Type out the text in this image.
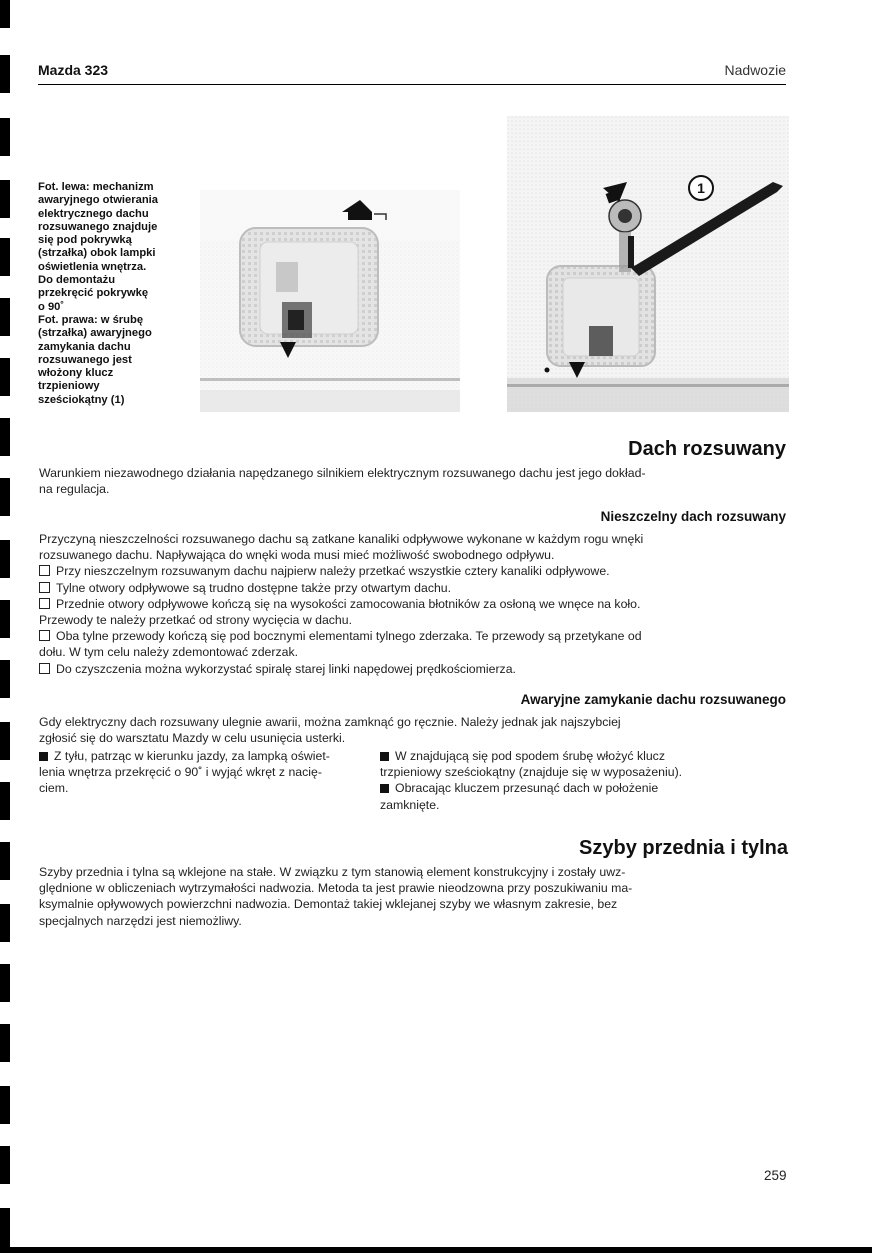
Mazda 323	Nadwozie

Fot. lewa: mechanizm

awaryjnego otwierania

elektrycznego dachu

rozsuwanego znajduje

się pod pokrywką

(strzałka) obok lampki

oświetlenia wnętrza.

Do demontażu

przekręcić pokrywkę

o 90˚

Fot. prawa: w śrubę

(strzałka) awaryjnego

zamykania dachu

rozsuwanego jest

włożony klucz

trzpieniowy

sześciokątny (1)

1
Dach rozsuwany

Warunkiem niezawodnego działania napędzanego silnikiem elektrycznym rozsuwanego dachu jest jego dokład-

na regulacja.

Nieszczelny dach rozsuwany

Przyczyną nieszczelności rozsuwanego dachu są zatkane kanaliki odpływowe wykonane w każdym rogu wnęki

rozsuwanego dachu. Napływająca do wnęki woda musi mieć możliwość swobodnego odpływu.

Przy nieszczelnym rozsuwanym dachu najpierw należy przetkać wszystkie cztery kanaliki odpływowe.

Tylne otwory odpływowe są trudno dostępne także przy otwartym dachu.

Przednie otwory odpływowe kończą się na wysokości zamocowania błotników za osłoną we wnęce na koło.

Przewody te należy przetkać od strony wycięcia w dachu.

Oba tylne przewody kończą się pod bocznymi elementami tylnego zderzaka. Te przewody są przetykane od

dołu. W tym celu należy zdemontować zderzak.

Do czyszczenia można wykorzystać spiralę starej linki napędowej prędkościomierza.

Awaryjne zamykanie dachu rozsuwanego

Gdy elektryczny dach rozsuwany ulegnie awarii, można zamknąć go ręcznie. Należy jednak jak najszybciej

zgłosić się do warsztatu Mazdy w celu usunięcia usterki.

Z tyłu, patrząc w kierunku jazdy, za lampką oświet-
lenia wnętrza przekręcić o 90˚ i wyjąć wkręt z nacię-
ciem.
W znajdującą się pod spodem śrubę włożyć klucz
trzpieniowy sześciokątny (znajduje się w wyposażeniu).
Obracając kluczem przesunąć dach w położenie
zamknięte.
Szyby przednia i tylna

Szyby przednia i tylna są wklejone na stałe. W związku z tym stanowią element konstrukcyjny i zostały uwz-

ględnione w obliczeniach wytrzymałości nadwozia. Metoda ta jest prawie nieodzowna przy poszukiwaniu ma-

ksymalnie opływowych powierzchni nadwozia. Demontaż takiej wklejanej szyby we własnym zakresie, bez

specjalnych narzędzi jest niemożliwy.

259
